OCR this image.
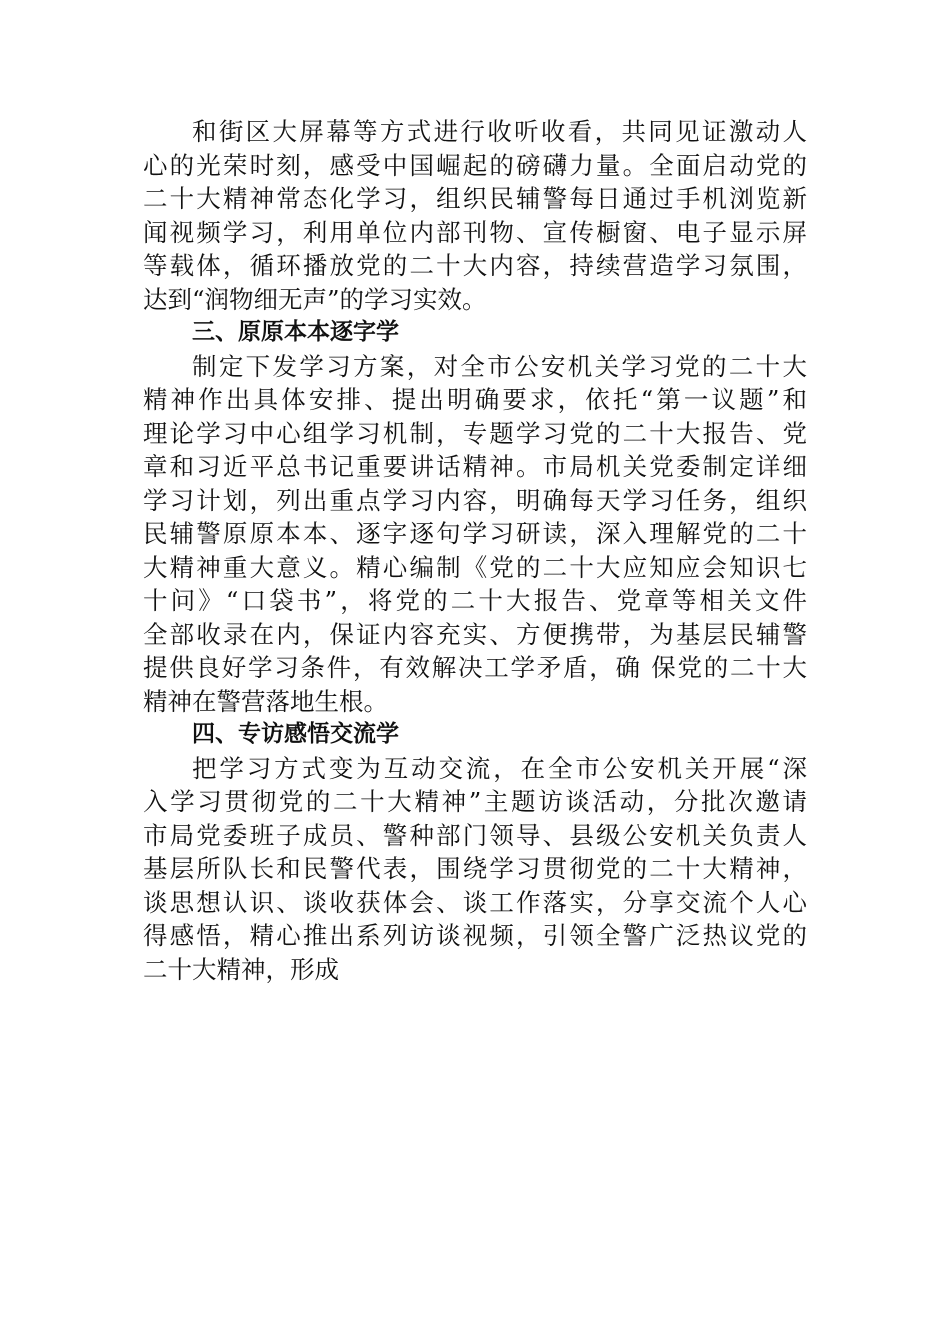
和街区大屏幕等方式进行收听收看，共同见证激动人
心的光荣时刻，感受中国崛起的磅礴力量。全面启动党的
二十大精神常态化学习，组织民辅警每日通过手机浏览新
闻视频学习，利用单位内部刊物、宣传橱窗、电子显示屏
等载体，循环播放党的二十大内容，持续营造学习氛围，
达到“润物细无声”的学习实效。
三、原原本本逐字学
制定下发学习方案，对全市公安机关学习党的二十大
精神作出具体安排、提出明确要求，依托“第一议题”和
理论学习中心组学习机制，专题学习党的二十大报告、党
章和习近平总书记重要讲话精神。市局机关党委制定详细
学习计划，列出重点学习内容，明确每天学习任务，组织
民辅警原原本本、逐字逐句学习研读，深入理解党的二十
大精神重大意义。精心编制《党的二十大应知应会知识七
十问》“口袋书”，将党的二十大报告、党章等相关文件
全部收录在内，保证内容充实、方便携带，为基层民辅警
提供良好学习条件，有效解决工学矛盾，确 保党的二十大
精神在警营落地生根。
四、专访感悟交流学
把学习方式变为互动交流，在全市公安机关开展“深
入学习贯彻党的二十大精神”主题访谈活动，分批次邀请
市局党委班子成员、警种部门领导、县级公安机关负责人
基层所队长和民警代表，围绕学习贯彻党的二十大精神，
谈思想认识、谈收获体会、谈工作落实，分享交流个人心
得感悟，精心推出系列访谈视频，引领全警广泛热议党的
二十大精神，形成
